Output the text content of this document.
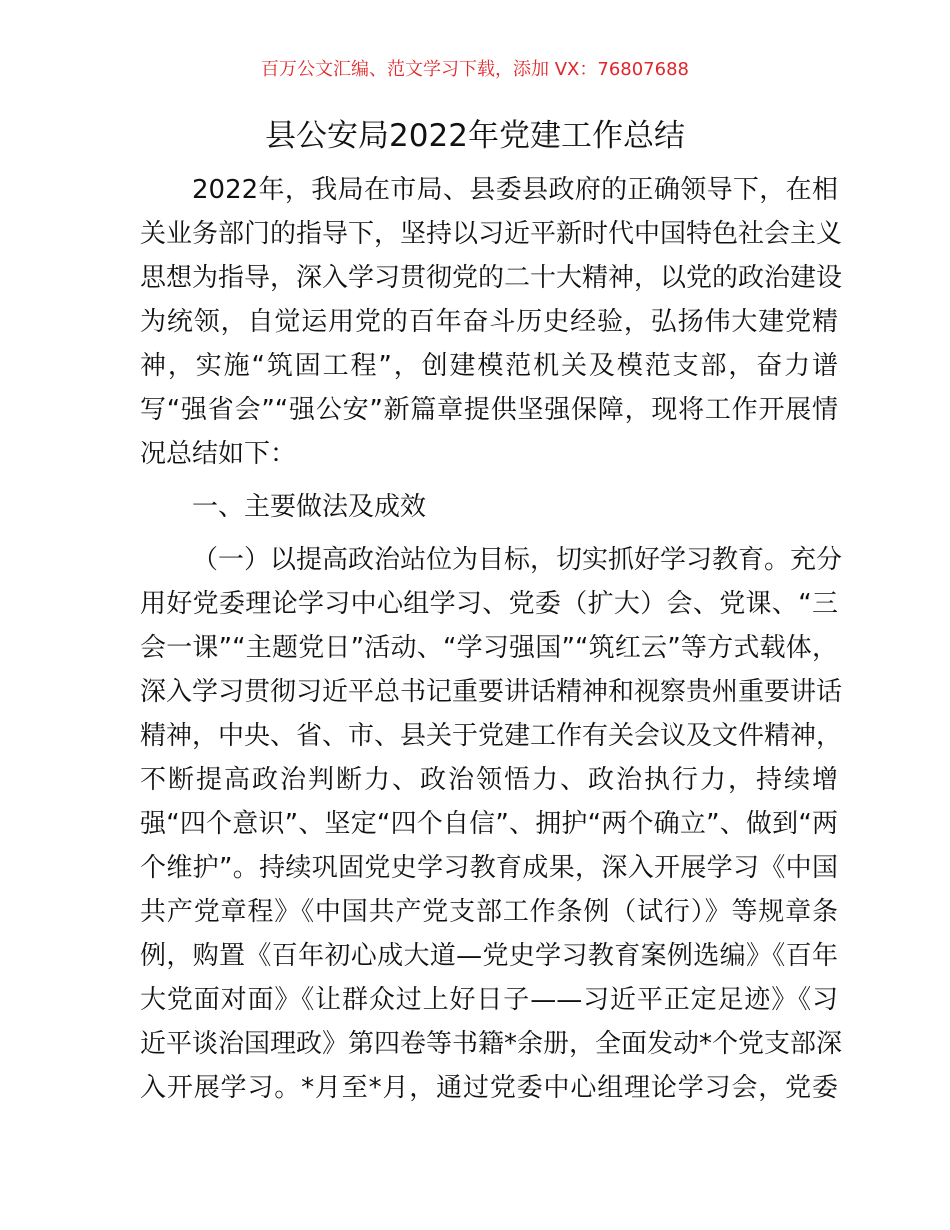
百万公文汇编、范文学习下载，添加 VX：76807688
县公安局2022年党建工作总结
2022年，我局在市局、县委县政府的正确领导下，在相
关业务部门的指导下，坚持以习近平新时代中国特色社会主义
思想为指导，深入学习贯彻党的二十大精神，以党的政治建设
为统领，自觉运用党的百年奋斗历史经验，弘扬伟大建党精
神，实施“筑固工程”，创建模范机关及模范支部，奋力谱
写“强省会”“强公安”新篇章提供坚强保障，现将工作开展情
况总结如下：
一、主要做法及成效
（一）以提高政治站位为目标，切实抓好学习教育。充分
用好党委理论学习中心组学习、党委（扩大）会、党课、“三
会一课”“主题党日”活动、“学习强国”“筑红云”等方式载体，
深入学习贯彻习近平总书记重要讲话精神和视察贵州重要讲话
精神，中央、省、市、县关于党建工作有关会议及文件精神，
不断提高政治判断力、政治领悟力、政治执行力，持续增
强“四个意识”、坚定“四个自信”、拥护“两个确立”、做到“两
个维护”。持续巩固党史学习教育成果，深入开展学习《中国
共产党章程》《中国共产党支部工作条例（试行）》等规章条
例，购置《百年初心成大道—党史学习教育案例选编》《百年
大党面对面》《让群众过上好日子——习近平正定足迹》《习
近平谈治国理政》第四卷等书籍*余册，全面发动*个党支部深
入开展学习。*月至*月，通过党委中心组理论学习会，党委
